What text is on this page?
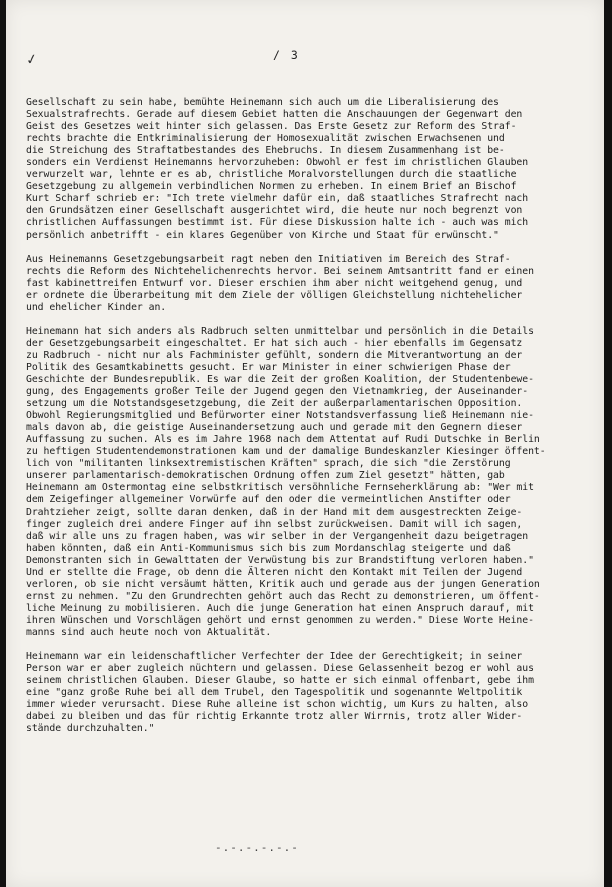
✓	/ 3

Gesellschaft zu sein habe, bemühte Heinemann sich auch um die Liberalisierung des
Sexualstrafrechts. Gerade auf diesem Gebiet hatten die Anschauungen der Gegenwart den
Geist des Gesetzes weit hinter sich gelassen. Das Erste Gesetz zur Reform des Straf-
rechts brachte die Entkriminalisierung der Homosexualität zwischen Erwachsenen und
die Streichung des Straftatbestandes des Ehebruchs. In diesem Zusammenhang ist be-
sonders ein Verdienst Heinemanns hervorzuheben: Obwohl er fest im christlichen Glauben
verwurzelt war, lehnte er es ab, christliche Moralvorstellungen durch die staatliche
Gesetzgebung zu allgemein verbindlichen Normen zu erheben. In einem Brief an Bischof
Kurt Scharf schrieb er: "Ich trete vielmehr dafür ein, daß staatliches Strafrecht nach
den Grundsätzen einer Gesellschaft ausgerichtet wird, die heute nur noch begrenzt von
christlichen Auffassungen bestimmt ist. Für diese Diskussion halte ich - auch was mich
persönlich anbetrifft - ein klares Gegenüber von Kirche und Staat für erwünscht."

Aus Heinemanns Gesetzgebungsarbeit ragt neben den Initiativen im Bereich des Straf-
rechts die Reform des Nichtehelichenrechts hervor. Bei seinem Amtsantritt fand er einen
fast kabinettreifen Entwurf vor. Dieser erschien ihm aber nicht weitgehend genug, und
er ordnete die Überarbeitung mit dem Ziele der völligen Gleichstellung nichtehelicher
und ehelicher Kinder an.

Heinemann hat sich anders als Radbruch selten unmittelbar und persönlich in die Details
der Gesetzgebungsarbeit eingeschaltet. Er hat sich auch - hier ebenfalls im Gegensatz
zu Radbruch - nicht nur als Fachminister gefühlt, sondern die Mitverantwortung an der
Politik des Gesamtkabinetts gesucht. Er war Minister in einer schwierigen Phase der
Geschichte der Bundesrepublik. Es war die Zeit der großen Koalition, der Studentenbewe-
gung, des Engagements großer Teile der Jugend gegen den Vietnamkrieg, der Auseinander-
setzung um die Notstandsgesetzgebung, die Zeit der außerparlamentarischen Opposition.
Obwohl Regierungsmitglied und Befürworter einer Notstandsverfassung ließ Heinemann nie-
mals davon ab, die geistige Auseinandersetzung auch und gerade mit den Gegnern dieser
Auffassung zu suchen. Als es im Jahre 1968 nach dem Attentat auf Rudi Dutschke in Berlin
zu heftigen Studentendemonstrationen kam und der damalige Bundeskanzler Kiesinger öffent-
lich von "militanten linksextremistischen Kräften" sprach, die sich "die Zerstörung
unserer parlamentarisch-demokratischen Ordnung offen zum Ziel gesetzt" hätten, gab
Heinemann am Ostermontag eine selbstkritisch versöhnliche Fernseherklärung ab: "Wer mit
dem Zeigefinger allgemeiner Vorwürfe auf den oder die vermeintlichen Anstifter oder
Drahtzieher zeigt, sollte daran denken, daß in der Hand mit dem ausgestreckten Zeige-
finger zugleich drei andere Finger auf ihn selbst zurückweisen. Damit will ich sagen,
daß wir alle uns zu fragen haben, was wir selber in der Vergangenheit dazu beigetragen
haben könnten, daß ein Anti-Kommunismus sich bis zum Mordanschlag steigerte und daß
Demonstranten sich in Gewalttaten der Verwüstung bis zur Brandstiftung verloren haben."
Und er stellte die Frage, ob denn die Älteren nicht den Kontakt mit Teilen der Jugend
verloren, ob sie nicht versäumt hätten, Kritik auch und gerade aus der jungen Generation
ernst zu nehmen. "Zu den Grundrechten gehört auch das Recht zu demonstrieren, um öffent-
liche Meinung zu mobilisieren. Auch die junge Generation hat einen Anspruch darauf, mit
ihren Wünschen und Vorschlägen gehört und ernst genommen zu werden." Diese Worte Heine-
manns sind auch heute noch von Aktualität.

Heinemann war ein leidenschaftlicher Verfechter der Idee der Gerechtigkeit; in seiner
Person war er aber zugleich nüchtern und gelassen. Diese Gelassenheit bezog er wohl aus
seinem christlichen Glauben. Dieser Glaube, so hatte er sich einmal offenbart, gebe ihm
eine "ganz große Ruhe bei all dem Trubel, den Tagespolitik und sogenannte Weltpolitik
immer wieder verursacht. Diese Ruhe alleine ist schon wichtig, um Kurs zu halten, also
dabei zu bleiben und das für richtig Erkannte trotz aller Wirrnis, trotz aller Wider-
stände durchzuhalten."

-.-.-.-.-.-
